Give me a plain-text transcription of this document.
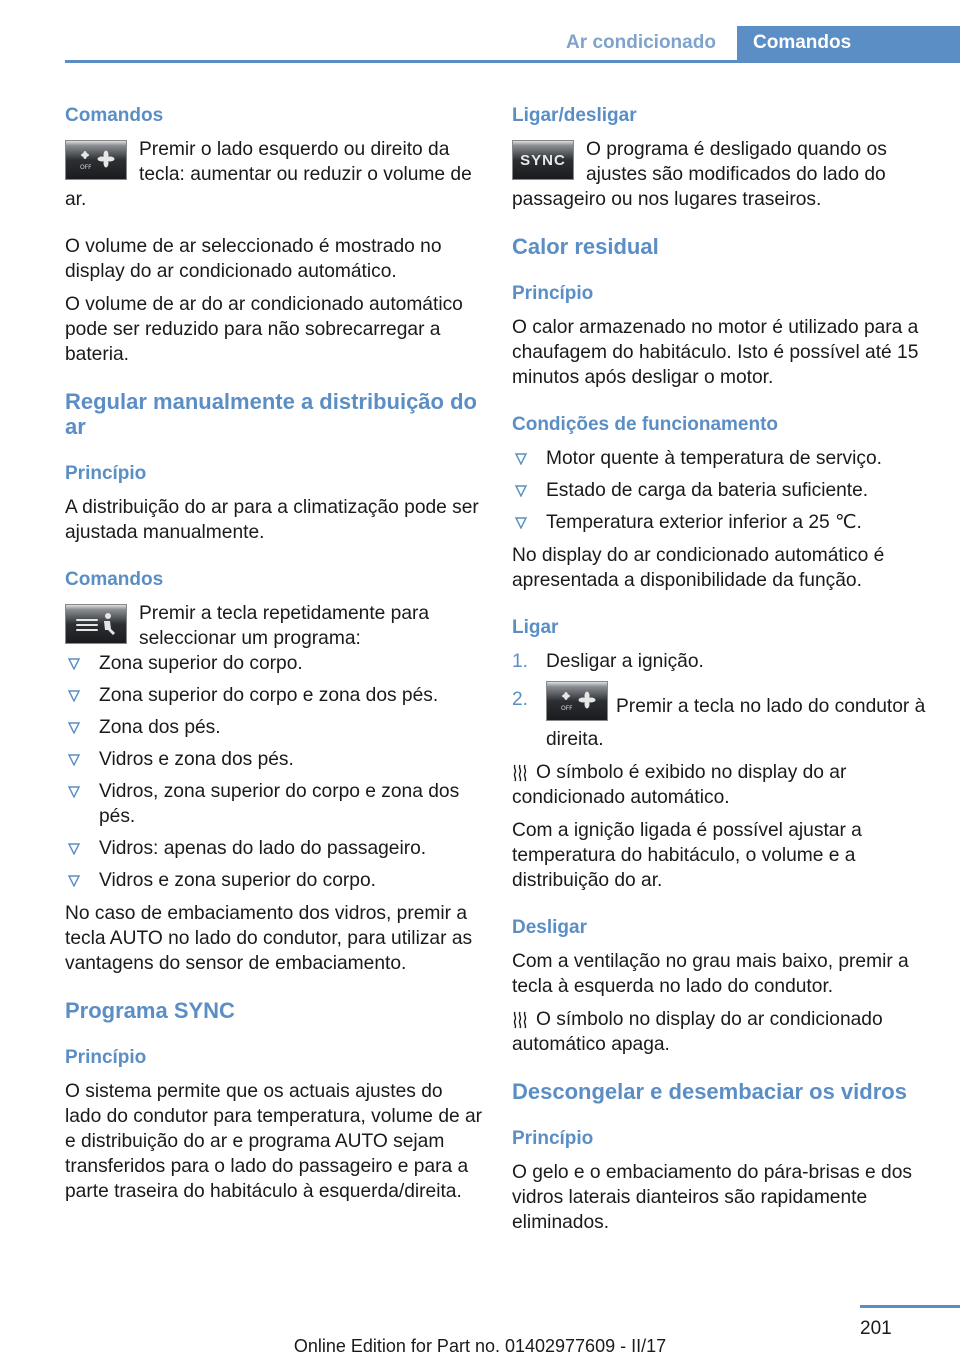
Ar condicionado	Comandos
Comandos
OFF
Premir o lado esquerdo ou direito da tecla: aumentar ou reduzir o volume de ar.

O volume de ar seleccionado é mostrado no display do ar condicionado automático.

O volume de ar do ar condicionado automático pode ser reduzido para não sobrecarregar a bateria.

Regular manualmente a distribuição do ar
Princípio

A distribuição do ar para a climatização pode ser ajustada manualmente.

Comandos
Premir a tecla repetidamente para seleccionar um programa:
Zona superior do corpo.
Zona superior do corpo e zona dos pés.
Zona dos pés.
Vidros e zona dos pés.
Vidros, zona superior do corpo e zona dos pés.
Vidros: apenas do lado do passageiro.
Vidros e zona superior do corpo.

No caso de embaciamento dos vidros, premir a tecla AUTO no lado do condutor, para utilizar as vantagens do sensor de embaciamento.

Programa SYNC
Princípio

O sistema permite que os actuais ajustes do lado do condutor para temperatura, volume de ar e distribuição do ar e programa AUTO sejam transferidos para o lado do passageiro e para a parte traseira do habitáculo à esquerda/direita.

Ligar/desligar
SYNC O programa é desligado quando os ajustes são modificados do lado do passageiro ou nos lugares traseiros.
Calor residual
Princípio

O calor armazenado no motor é utilizado para a chaufagem do habitáculo. Isto é possível até 15 minutos após desligar o motor.

Condições de funcionamento
Motor quente à temperatura de serviço.
Estado de carga da bateria suficiente.
Temperatura exterior inferior a 25 ℃.

No display do ar condicionado automático é apresentada a disponibilidade da função.

Ligar
1. Desligar a ignição.
2.	OFF Premir a tecla no lado do condutor à direita.

O símbolo é exibido no display do ar condicionado automático.

Com a ignição ligada é possível ajustar a temperatura do habitáculo, o volume e a distribuição do ar.

Desligar

Com a ventilação no grau mais baixo, premir a tecla à esquerda no lado do condutor.

O símbolo no display do ar condicionado automático apaga.

Descongelar e desembaciar os vidros
Princípio

O gelo e o embaciamento do pára-brisas e dos vidros laterais dianteiros são rapidamente eliminados.

201
Online Edition for Part no. 01402977609 - II/17
